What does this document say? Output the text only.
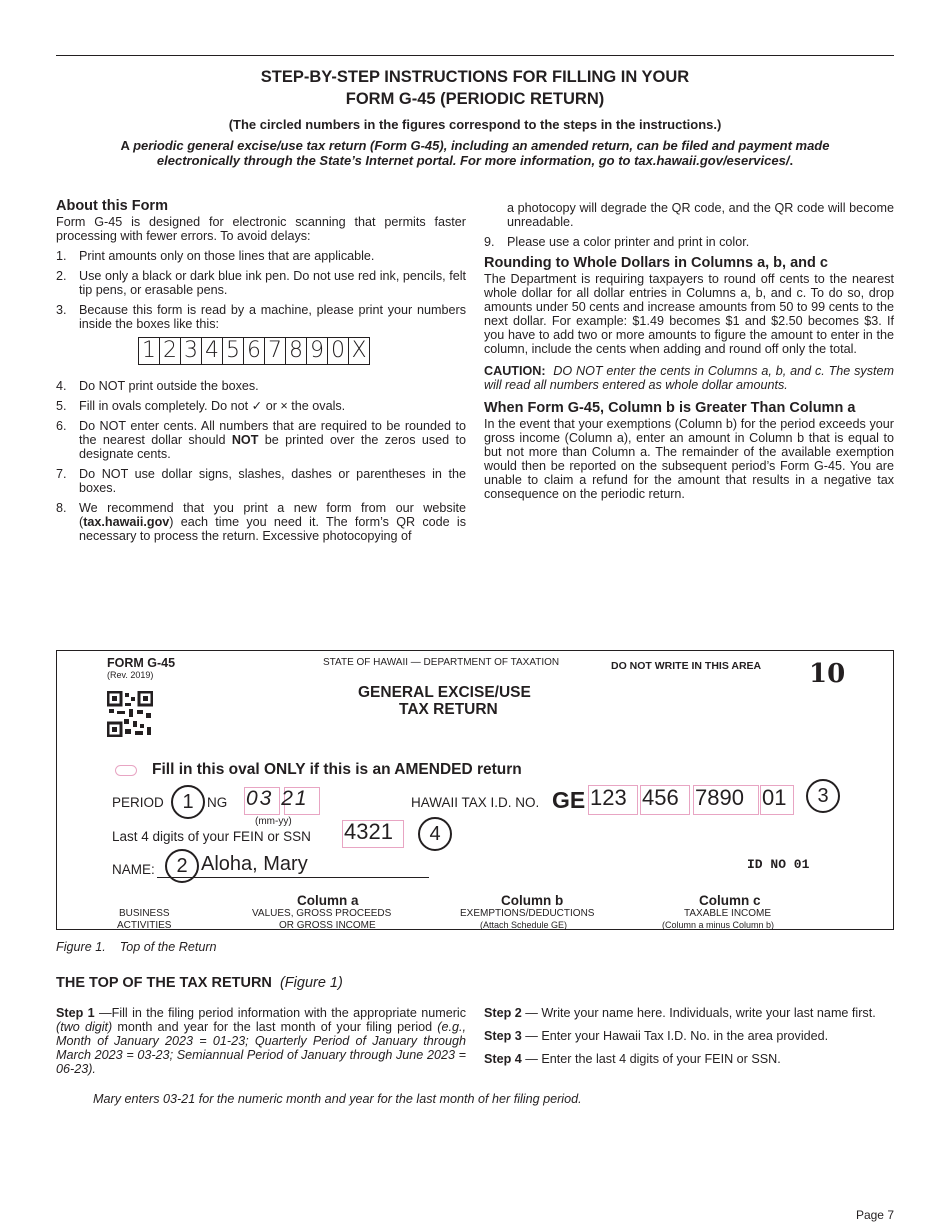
STEP-BY-STEP INSTRUCTIONS FOR FILLING IN YOUR
FORM G-45 (PERIODIC RETURN)
(The circled numbers in the figures correspond to the steps in the instructions.)
A periodic general excise/use tax return (Form G-45), including an amended return, can be filed and payment made electronically through the State’s Internet portal. For more information, go to tax.hawaii.gov/eservices/.
About this Form

Form G-45 is designed for electronic scanning that permits faster processing with fewer errors. To avoid delays:

1. Print amounts only on those lines that are applicable.
2. Use only a black or dark blue ink pen. Do not use red ink, pencils, felt tip pens, or erasable pens.
3. Because this form is read by a machine, please print your numbers inside the boxes like this:
1 2 3 4 5 6 7 8 9 0 X
4. Do NOT print outside the boxes.
5. Fill in ovals completely. Do not ✓ or × the ovals.
6. Do NOT enter cents. All numbers that are required to be rounded to the nearest dollar should NOT be printed over the zeros used to designate cents.
7. Do NOT use dollar signs, slashes, dashes or parentheses in the boxes.
8. We recommend that you print a new form from our website (tax.hawaii.gov) each time you need it. The form’s QR code is necessary to process the return. Excessive photocopying of

a photocopy will degrade the QR code, and the QR code will become unreadable.

9. Please use a color printer and print in color.
Rounding to Whole Dollars in Columns a, b, and c

The Department is requiring taxpayers to round off cents to the nearest whole dollar for all dollar entries in Columns a, b, and c. To do so, drop amounts under 50 cents and increase amounts from 50 to 99 cents to the next dollar. For example: $1.49 becomes $1 and $2.50 becomes $3. If you have to add two or more amounts to figure the amount to enter in the column, include the cents when adding and round off only the total.

CAUTION: DO NOT enter the cents in Columns a, b, and c. The system will read all numbers entered as whole dollar amounts.

When Form G-45, Column b is Greater Than Column a

In the event that your exemptions (Column b) for the period exceeds your gross income (Column a), enter an amount in Column b that is equal to but not more than Column a. The remainder of the available exemption would then be reported on the subsequent period’s Form G-45. You are unable to claim a refund for the amount that results in a negative tax consequence on the periodic return.

FORM G-45
(Rev. 2019)
STATE OF HAWAII — DEPARTMENT OF TAXATION	DO NOT WRITE IN THIS AREA 10
GENERAL EXCISE/USE
TAX RETURN
Fill in this oval ONLY if this is an AMENDED return
PERIOD	NG
1	03 21
(mm-yy)
HAWAII TAX I.D. NO. GE 123 456 7890 01	3
Last 4 digits of your FEIN or SSN 4321	4
NAME:	2 Aloha, Mary	ID NO 01
Column a
VALUES, GROSS PROCEEDS
OR GROSS INCOME
Column b
EXEMPTIONS/DEDUCTIONS
(Attach Schedule GE)
Column c
TAXABLE INCOME
(Column a minus Column b)
BUSINESS
ACTIVITIES
Figure 1.    Top of the Return
THE TOP OF THE TAX RETURN (Figure 1)

Step 1 —Fill in the filing period information with the appropriate numeric (two digit) month and year for the last month of your filing period (e.g., Month of January 2023 = 01-23; Quarterly Period of January through March 2023 = 03-23; Semiannual Period of January through June 2023 = 06-23).

Step 2 — Write your name here. Individuals, write your last name first.

Step 3 — Enter your Hawaii Tax I.D. No. in the area provided.

Step 4 — Enter the last 4 digits of your FEIN or SSN.

Mary enters 03-21 for the numeric month and year for the last month of her filing period.
Page 7
